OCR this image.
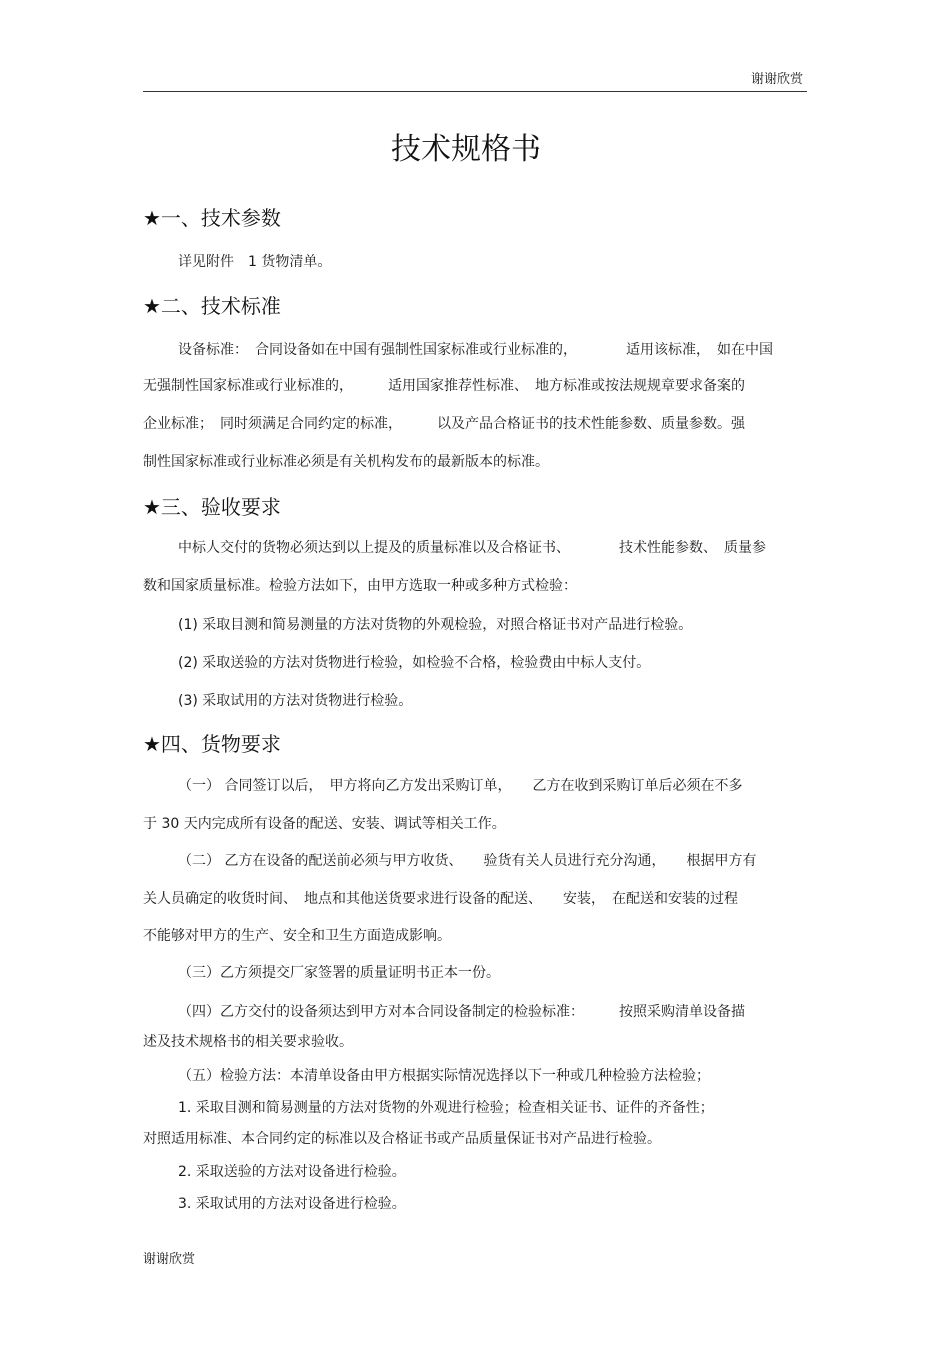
谢谢欣赏
技术规格书
★一、技术参数
详见附件　1 货物清单。
★二、技术标准
设备标准：　合同设备如在中国有强制性国家标准或行业标准的，　　　　适用该标准，　如在中国
无强制性国家标准或行业标准的，　　　适用国家推荐性标准、　地方标准或按法规规章要求备案的
企业标准；　同时须满足合同约定的标准，　　　以及产品合格证书的技术性能参数、质量参数。强
制性国家标准或行业标准必须是有关机构发布的最新版本的标准。
★三、验收要求
中标人交付的货物必须达到以上提及的质量标准以及合格证书、　　　　技术性能参数、　质量参
数和国家质量标准。检验方法如下，由甲方选取一种或多种方式检验：
(1) 采取目测和简易测量的方法对货物的外观检验，对照合格证书对产品进行检验。
(2) 采取送验的方法对货物进行检验，如检验不合格，检验费由中标人支付。
(3) 采取试用的方法对货物进行检验。
★四、货物要求
（一） 合同签订以后，　甲方将向乙方发出采购订单，　　乙方在收到采购订单后必须在不多
于 30 天内完成所有设备的配送、安装、调试等相关工作。
（二） 乙方在设备的配送前必须与甲方收货、　　验货有关人员进行充分沟通，　　根据甲方有
关人员确定的收货时间、　地点和其他送货要求进行设备的配送、　　安装，　在配送和安装的过程
不能够对甲方的生产、安全和卫生方面造成影响。
（三）乙方须提交厂家签署的质量证明书正本一份。
（四）乙方交付的设备须达到甲方对本合同设备制定的检验标准：　　　按照采购清单设备描
述及技术规格书的相关要求验收。
（五）检验方法：本清单设备由甲方根据实际情况选择以下一种或几种检验方法检验；
1. 采取目测和简易测量的方法对货物的外观进行检验；检查相关证书、证件的齐备性；
对照适用标准、本合同约定的标准以及合格证书或产品质量保证书对产品进行检验。
2. 采取送验的方法对设备进行检验。
3. 采取试用的方法对设备进行检验。
谢谢欣赏
